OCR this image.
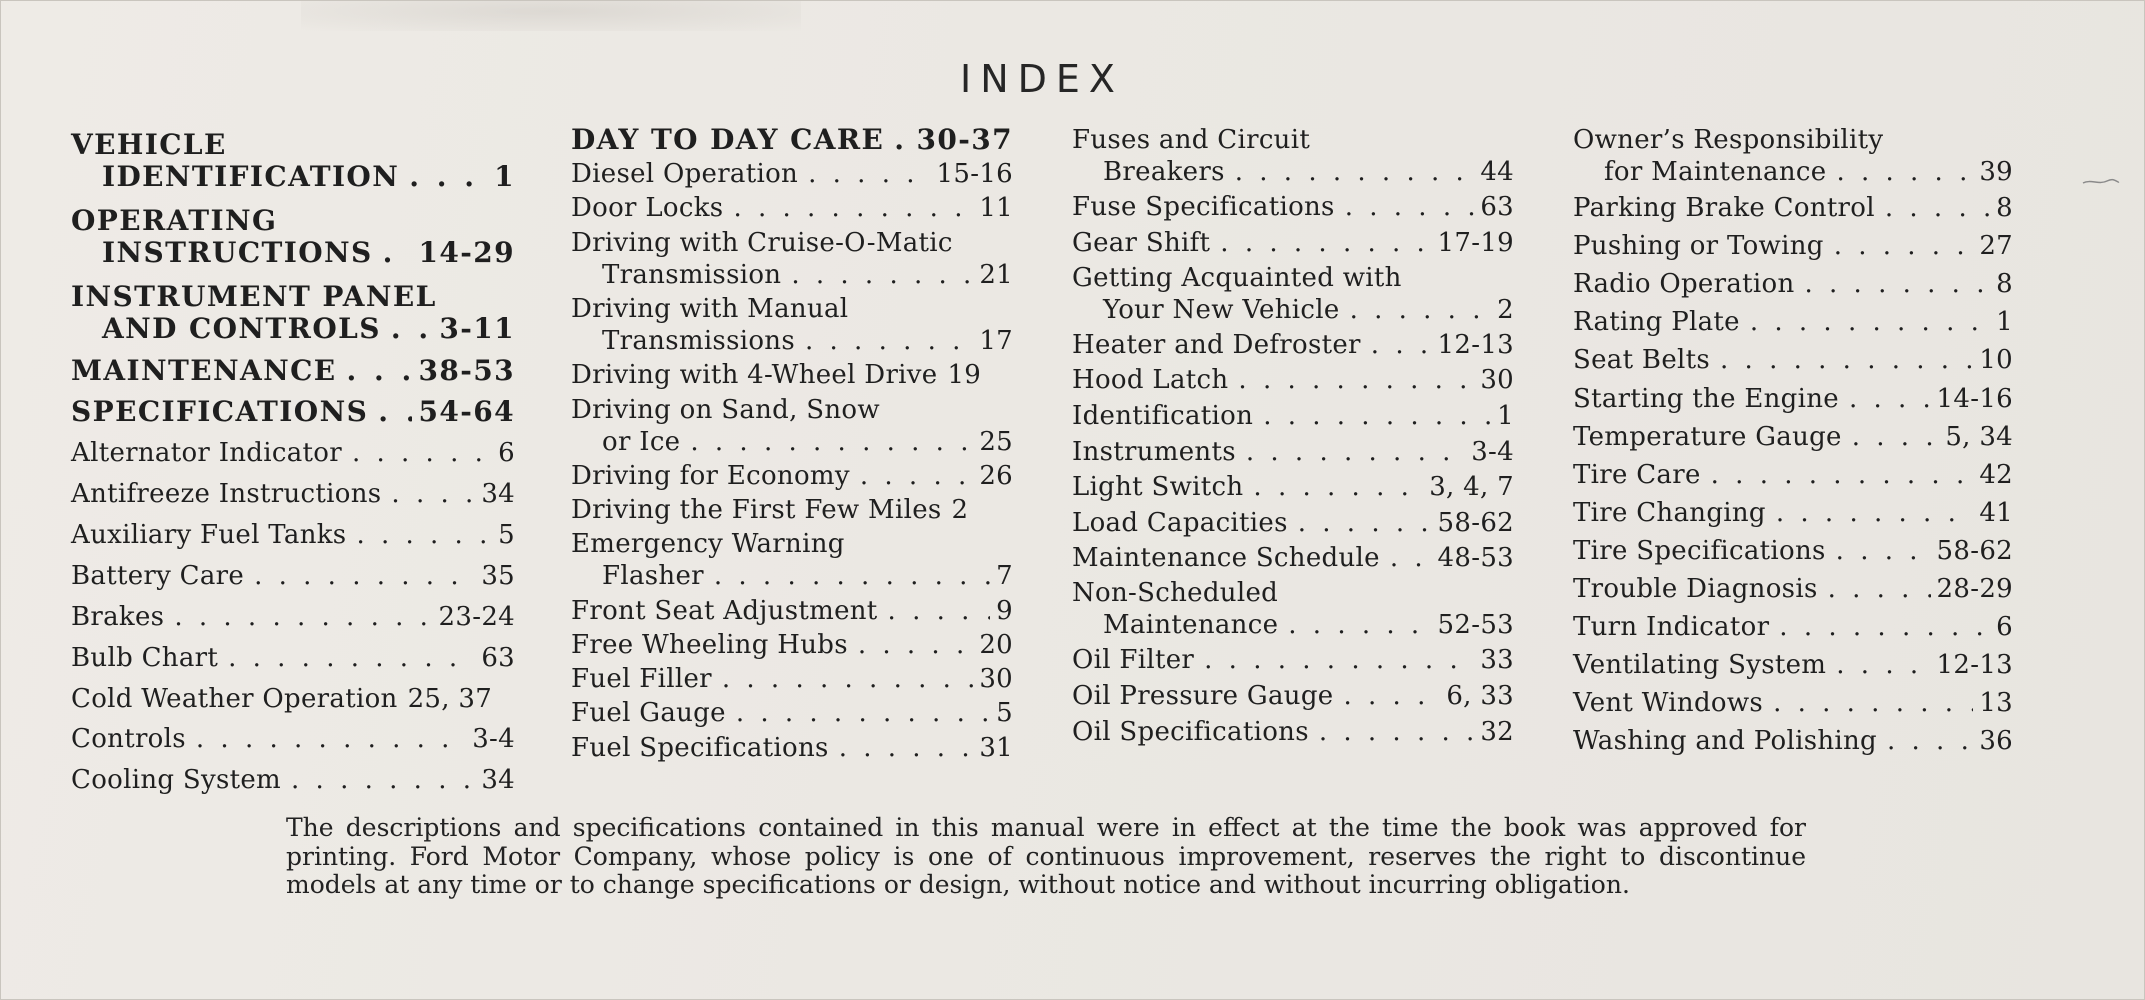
INDEX
VEHICLE
IDENTIFICATION . . .	1
OPERATING
INSTRUCTIONS . . . 14-29
INSTRUMENT PANEL
AND CONTROLS . . . 3-11
MAINTENANCE . . .	38-53
SPECIFICATIONS . . . 54-64
Alternator Indicator . . .	6
Antifreeze Instructions . . .	34
Auxiliary Fuel Tanks . . .	5
Battery Care . . .	35
Brakes . . .	23-24
Bulb Chart . . .	63
Cold Weather Operation 25, 37
Controls . . .	3-4
Cooling System . . .	34
DAY TO DAY CARE . . . 30-37
Diesel Operation . . .	15-16
Door Locks . . .	11
Driving with Cruise-O-Matic
Transmission . . .	21
Driving with Manual
Transmissions . . .	17
Driving with 4-Wheel Drive 19
Driving on Sand, Snow
or Ice . . .	25
Driving for Economy . . .	26
Driving the First Few Miles 2
Emergency Warning
Flasher . . .	7
Front Seat Adjustment . . .	9
Free Wheeling Hubs . . .	20
Fuel Filler . . .	30
Fuel Gauge . . .	5
Fuel Specifications . . .	31
Fuses and Circuit
Breakers . . .	44
Fuse Specifications . . .	63
Gear Shift . . .	17-19
Getting Acquainted with
Your New Vehicle . . .	2
Heater and Defroster . . .	12-13
Hood Latch . . .	30
Identification . . .	1
Instruments . . .	3-4
Light Switch . . .	3, 4, 7
Load Capacities . . .	58-62
Maintenance Schedule . . . 48-53
Non-Scheduled
Maintenance . . .	52-53
Oil Filter . . .	33
Oil Pressure Gauge . . .	6, 33
Oil Specifications . . .	32
Owner’s Responsibility
for Maintenance . . .	39
Parking Brake Control . . .	8
Pushing or Towing . . .	27
Radio Operation . . .	8
Rating Plate . . .	1
Seat Belts . . .	10
Starting the Engine . . .	14-16
Temperature Gauge . . .	5, 34
Tire Care . . .	42
Tire Changing . . .	41
Tire Specifications . . .	58-62
Trouble Diagnosis . . .	28-29
Turn Indicator . . .	6
Ventilating System . . .	12-13
Vent Windows . . .	13
Washing and Polishing . . .	36
The descriptions and specifications contained in this manual were in effect at the time the book was approved for printing. Ford Motor Company, whose policy is one of continuous improvement, reserves the right to discontinue models at any time or to change specifications or design, without notice and without incurring obligation.
